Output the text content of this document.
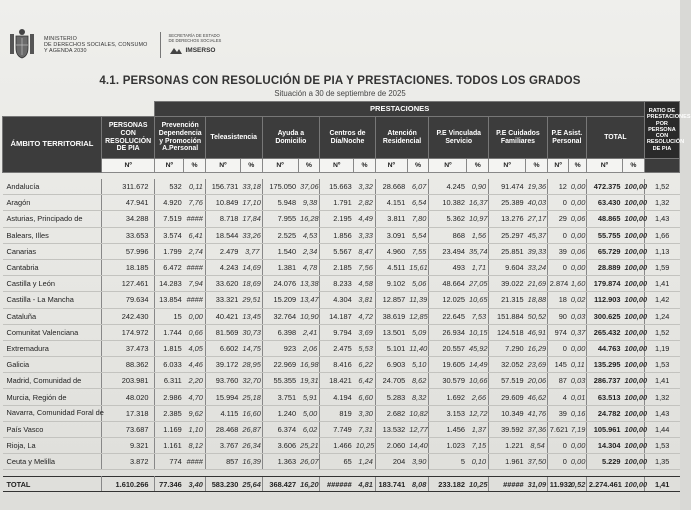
MINISTERIO
DE DERECHOS SOCIALES, CONSUMO
Y AGENDA 2030
SECRETARÍA DE ESTADO
DE DERECHOS SOCIALES
IMSERSO
4.1. PERSONAS CON RESOLUCIÓN DE PIA Y PRESTACIONES. TODOS LOS GRADOS
Situación a 30 de septiembre de 2025
		PRESTACIONES																		RATIO DE PRESTACIONES POR PERSONA CON RESOLUCIÓN DE PIA
ÁMBITO TERRITORIAL	PERSONAS CON RESOLUCIÓN DE PIA	Prevención Dependencia y Promoción A.Personal		Teleasistencia		Ayuda a Domicilio		Centros de Día/Noche		Atención Residencial		P.E Vinculada Servicio		P.E Cuidados Familiares		P.E Asist. Personal		TOTAL		
	Nº	Nº	%	Nº	%	Nº	%	Nº	%	Nº	%	Nº	%	Nº	%	Nº	%	Nº	%	

Andalucía	311.672	532	0,11	156.731	33,18	175.050	37,06	15.663	3,32	28.668	6,07	4.245	0,90	91.474	19,36	12	0,00	472.375	100,00	1,52
Aragón	47.941	4.920	7,76	10.849	17,10	5.948	9,38	1.791	2,82	4.151	6,54	10.382	16,37	25.389	40,03	0	0,00	63.430	100,00	1,32
Asturias, Principado de	34.288	7.519	####	8.718	17,84	7.955	16,28	2.195	4,49	3.811	7,80	5.362	10,97	13.276	27,17	29	0,06	48.865	100,00	1,43
Balears, Illes	33.653	3.574	6,41	18.544	33,26	2.525	4,53	1.856	3,33	3.091	5,54	868	1,56	25.297	45,37	0	0,00	55.755	100,00	1,66
Canarias	57.996	1.799	2,74	2.479	3,77	1.540	2,34	5.567	8,47	4.960	7,55	23.494	35,74	25.851	39,33	39	0,06	65.729	100,00	1,13
Cantabria	18.185	6.472	####	4.243	14,69	1.381	4,78	2.185	7,56	4.511	15,61	493	1,71	9.604	33,24	0	0,00	28.889	100,00	1,59
Castilla y León	127.461	14.283	7,94	33.620	18,69	24.076	13,38	8.233	4,58	9.102	5,06	48.664	27,05	39.022	21,69	2.874	1,60	179.874	100,00	1,41
Castilla - La Mancha	79.634	13.854	####	33.321	29,51	15.209	13,47	4.304	3,81	12.857	11,39	12.025	10,65	21.315	18,88	18	0,02	112.903	100,00	1,42
Cataluña	242.430	15	0,00	40.421	13,45	32.764	10,90	14.187	4,72	38.619	12,85	22.645	7,53	151.884	50,52	90	0,03	300.625	100,00	1,24
Comunitat Valenciana	174.972	1.744	0,66	81.569	30,73	6.398	2,41	9.794	3,69	13.501	5,09	26.934	10,15	124.518	46,91	974	0,37	265.432	100,00	1,52
Extremadura	37.473	1.815	4,05	6.602	14,75	923	2,06	2.475	5,53	5.101	11,40	20.557	45,92	7.290	16,29	0	0,00	44.763	100,00	1,19
Galicia	88.362	6.033	4,46	39.172	28,95	22.969	16,98	8.416	6,22	6.903	5,10	19.605	14,49	32.052	23,69	145	0,11	135.295	100,00	1,53
Madrid, Comunidad de	203.981	6.311	2,20	93.760	32,70	55.355	19,31	18.421	6,42	24.705	8,62	30.579	10,66	57.519	20,06	87	0,03	286.737	100,00	1,41
Murcia, Región de	48.020	2.986	4,70	15.994	25,18	3.751	5,91	4.194	6,60	5.283	8,32	1.692	2,66	29.609	46,62	4	0,01	63.513	100,00	1,32
Navarra, Comunidad Foral de	17.318	2.385	9,62	4.115	16,60	1.240	5,00	819	3,30	2.682	10,82	3.153	12,72	10.349	41,76	39	0,16	24.782	100,00	1,43
País Vasco	73.687	1.169	1,10	28.468	26,87	6.374	6,02	7.749	7,31	13.532	12,77	1.456	1,37	39.592	37,36	7.621	7,19	105.961	100,00	1,44
Rioja, La	9.321	1.161	8,12	3.767	26,34	3.606	25,21	1.466	10,25	2.060	14,40	1.023	7,15	1.221	8,54	0	0,00	14.304	100,00	1,53
Ceuta y Melilla	3.872	774	####	857	16,39	1.363	26,07	65	1,24	204	3,90	5	0,10	1.961	37,50	0	0,00	5.229	100,00	1,35

TOTAL	1.610.266	77.346	3,40	583.230	25,64	368.427	16,20	######	4,81	183.741	8,08	233.182	10,25	#####	31,09	11.932	0,52	2.274.461	100,00	1,41
